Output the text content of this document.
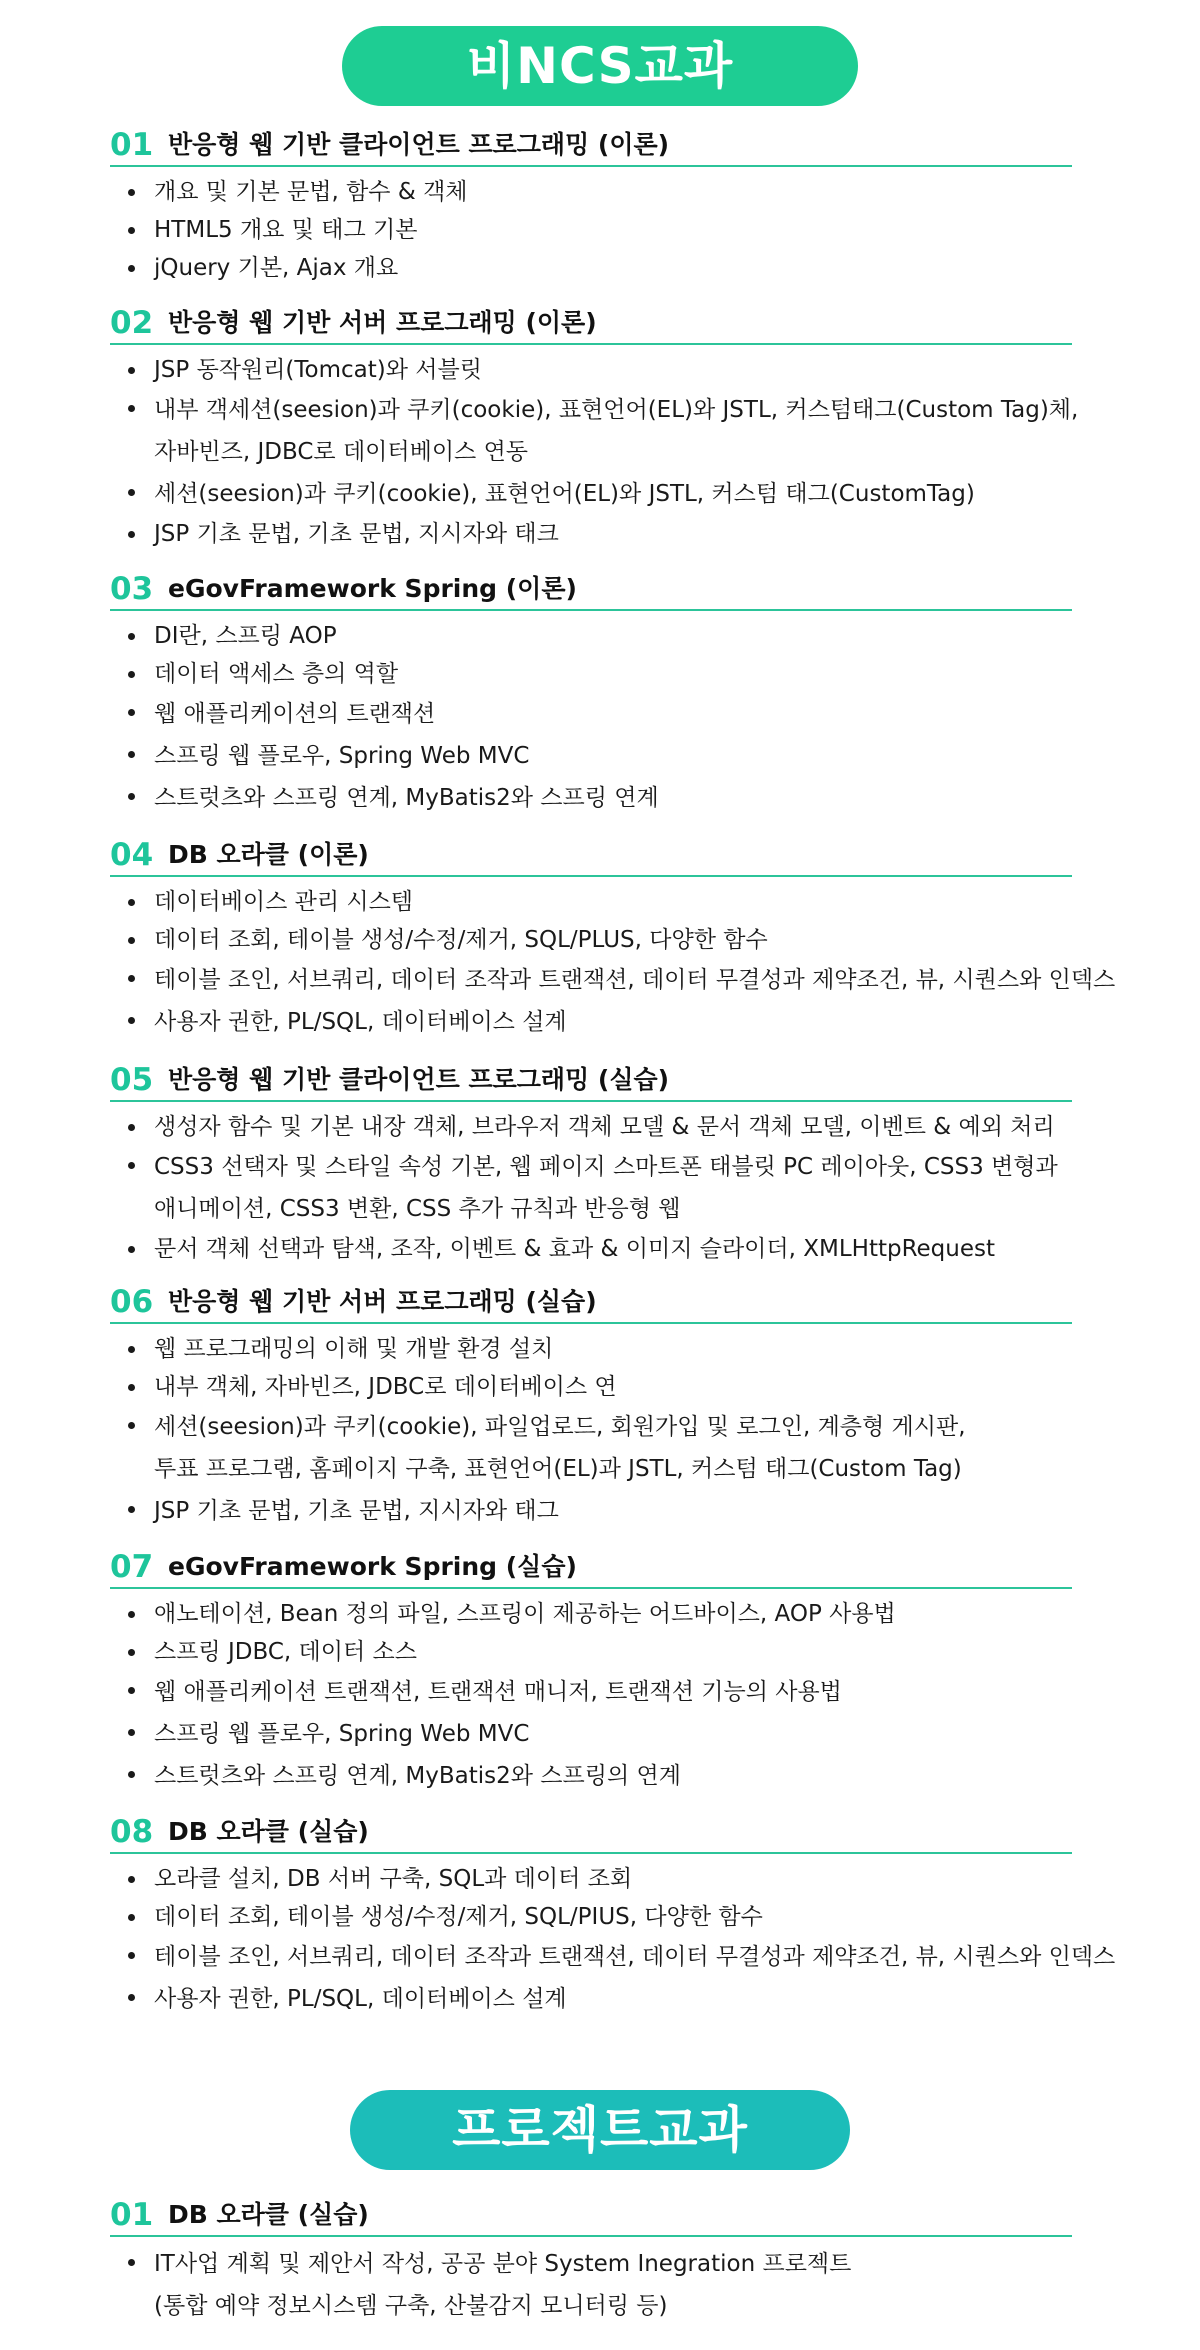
비NCS교과
01 반응형 웹 기반 클라이언트 프로그래밍 (이론)
개요 및 기본 문법, 함수 & 객체
HTML5 개요 및 태그 기본
jQuery 기본, Ajax 개요
02 반응형 웹 기반 서버 프로그래밍 (이론)
JSP 동작원리(Tomcat)와 서블릿
내부 객세션(seesion)과 쿠키(cookie), 표현언어(EL)와 JSTL, 커스텀태그(Custom Tag)체,
자바빈즈, JDBC로 데이터베이스 연동
세션(seesion)과 쿠키(cookie), 표현언어(EL)와 JSTL, 커스텀 태그(CustomTag)
JSP 기초 문법, 기초 문법, 지시자와 태크
03 eGovFramework Spring (이론)
DI란, 스프링 AOP
데이터 액세스 층의 역할
웹 애플리케이션의 트랜잭션
스프링 웹 플로우, Spring Web MVC
스트럿츠와 스프링 연계, MyBatis2와 스프링 연계
04 DB 오라클 (이론)
데이터베이스 관리 시스템
데이터 조회, 테이블 생성/수정/제거, SQL/PLUS, 다양한 함수
테이블 조인, 서브쿼리, 데이터 조작과 트랜잭션, 데이터 무결성과 제약조건, 뷰, 시퀀스와 인덱스
사용자 권한, PL/SQL, 데이터베이스 설계
05 반응형 웹 기반 클라이언트 프로그래밍 (실습)
생성자 함수 및 기본 내장 객체, 브라우저 객체 모델 & 문서 객체 모델, 이벤트 & 예외 처리
CSS3 선택자 및 스타일 속성 기본, 웹 페이지 스마트폰 태블릿 PC 레이아웃, CSS3 변형과
애니메이션, CSS3 변환, CSS 추가 규칙과 반응형 웹
문서 객체 선택과 탐색, 조작, 이벤트 & 효과 & 이미지 슬라이더, XMLHttpRequest
06 반응형 웹 기반 서버 프로그래밍 (실습)
웹 프로그래밍의 이해 및 개발 환경 설치
내부 객체, 자바빈즈, JDBC로 데이터베이스 연
세션(seesion)과 쿠키(cookie), 파일업로드, 회원가입 및 로그인, 계층형 게시판,
투표 프로그램, 홈페이지 구축, 표현언어(EL)과 JSTL, 커스텀 태그(Custom Tag)
JSP 기초 문법, 기초 문법, 지시자와 태그
07 eGovFramework Spring (실습)
애노테이션, Bean 정의 파일, 스프링이 제공하는 어드바이스, AOP 사용법
스프링 JDBC, 데이터 소스
웹 애플리케이션 트랜잭션, 트랜잭션 매니저, 트랜잭션 기능의 사용법
스프링 웹 플로우, Spring Web MVC
스트럿츠와 스프링 연계, MyBatis2와 스프링의 연계
08 DB 오라클 (실습)
오라클 설치, DB 서버 구축, SQL과 데이터 조회
데이터 조회, 테이블 생성/수정/제거, SQL/PIUS, 다양한 함수
테이블 조인, 서브쿼리, 데이터 조작과 트랜잭션, 데이터 무결성과 제약조건, 뷰, 시퀀스와 인덱스
사용자 권한, PL/SQL, 데이터베이스 설계
프로젝트교과
01 DB 오라클 (실습)
IT사업 계획 및 제안서 작성, 공공 분야 System Inegration 프로젝트
(통합 예약 정보시스템 구축, 산불감지 모니터링 등)
